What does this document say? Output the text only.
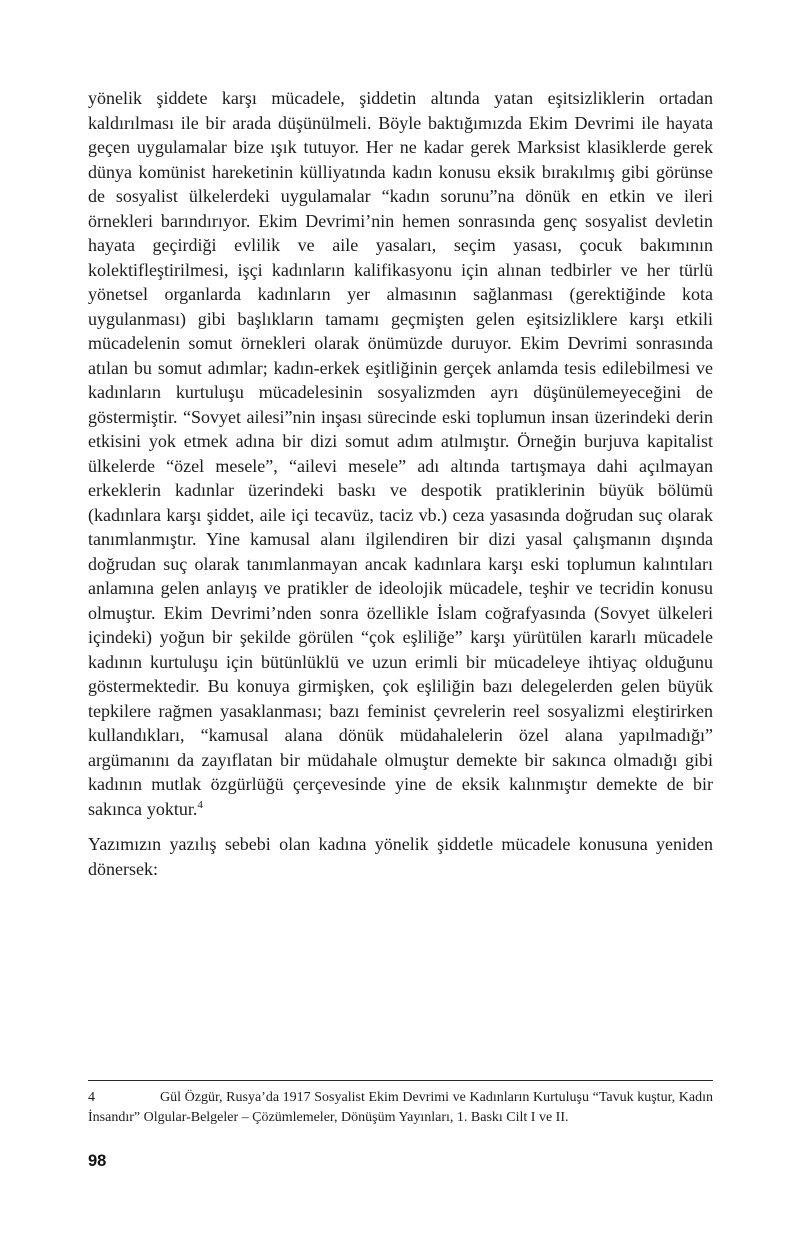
yönelik şiddete karşı mücadele, şiddetin altında yatan eşitsizliklerin ortadan kaldırılması ile bir arada düşünülmeli. Böyle baktığımızda Ekim Devrimi ile hayata geçen uygulamalar bize ışık tutuyor. Her ne kadar gerek Marksist klasiklerde gerek dünya komünist hareketinin külliyatında kadın konusu eksik bırakılmış gibi görünse de sosyalist ülkelerdeki uygulamalar “kadın sorunu”na dönük en etkin ve ileri örnekleri barındırıyor. Ekim Devrimi’nin hemen sonrasında genç sosyalist devletin hayata geçirdiği evlilik ve aile yasaları, seçim yasası, çocuk bakımının kolektifleştirilmesi, işçi kadınların kalifikasyonu için alınan tedbirler ve her türlü yönetsel organlarda kadınların yer almasının sağlanması (gerektiğinde kota uygulanması) gibi başlıkların tamamı geçmişten gelen eşitsizliklere karşı etkili mücadelenin somut örnekleri olarak önümüzde duruyor. Ekim Devrimi sonrasında atılan bu somut adımlar; kadın-erkek eşitliğinin gerçek anlamda tesis edilebilmesi ve kadınların kurtuluşu mücadelesinin sosyalizmden ayrı düşünülemeyeceğini de göstermiştir. “Sovyet ailesi”nin inşası sürecinde eski toplumun insan üzerindeki derin etkisini yok etmek adına bir dizi somut adım atılmıştır. Örneğin burjuva kapitalist ülkelerde “özel mesele”, “ailevi mesele” adı altında tartışmaya dahi açılmayan erkeklerin kadınlar üzerindeki baskı ve despotik pratiklerinin büyük bölümü (kadınlara karşı şiddet, aile içi tecavüz, taciz vb.) ceza yasasında doğrudan suç olarak tanımlanmıştır. Yine kamusal alanı ilgilendiren bir dizi yasal çalışmanın dışında doğrudan suç olarak tanımlanmayan ancak kadınlara karşı eski toplumun kalıntıları anlamına gelen anlayış ve pratikler de ideolojik mücadele, teşhir ve tecridin konusu olmuştur. Ekim Devrimi’nden sonra özellikle İslam coğrafyasında (Sovyet ülkeleri içindeki) yoğun bir şekilde görülen “çok eşliliğe” karşı yürütülen kararlı mücadele kadının kurtuluşu için bütünlüklü ve uzun erimli bir mücadeleye ihtiyaç olduğunu göstermektedir. Bu konuya girmişken, çok eşliliğin bazı delegelerden gelen büyük tepkilere rağmen yasaklanması; bazı feminist çevrelerin reel sosyalizmi eleştirirken kullandıkları, “kamusal alana dönük müdahalelerin özel alana yapılmadığı” argümanını da zayıflatan bir müdahale olmuştur demekte bir sakınca olmadığı gibi kadının mutlak özgürlüğü çerçevesinde yine de eksik kalınmıştır demekte de bir sakınca yoktur.$^4$

Yazımızın yazılış sebebi olan kadına yönelik şiddetle mücadele konusuna yeniden dönersek:

4	Gül Özgür, Rusya’da 1917 Sosyalist Ekim Devrimi ve Kadınların Kurtuluşu “Tavuk kuştur, Kadın İnsandır” Olgular-Belgeler – Çözümlemeler, Dönüşüm Yayınları, 1. Baskı Cilt I ve II.

98
